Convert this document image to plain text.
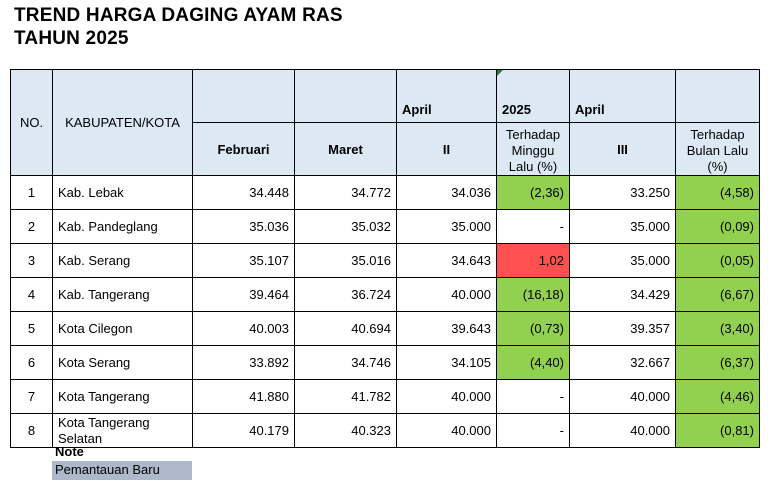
TREND HARGA DAGING AYAM RAS
TAHUN 2025
NO.	KABUPATEN/KOTA			April	2025	April	
		Februari	Maret	II	Terhadap Minggu Lalu (%)	III	Terhadap Bulan Lalu (%)
1	Kab. Lebak	34.448	34.772	34.036	(2,36)	33.250	(4,58)
2	Kab. Pandeglang	35.036	35.032	35.000	-	35.000	(0,09)
3	Kab. Serang	35.107	35.016	34.643	1,02	35.000	(0,05)
4	Kab. Tangerang	39.464	36.724	40.000	(16,18)	34.429	(6,67)
5	Kota Cilegon	40.003	40.694	39.643	(0,73)	39.357	(3,40)
6	Kota Serang	33.892	34.746	34.105	(4,40)	32.667	(6,37)
7	Kota Tangerang	41.880	41.782	40.000	-	40.000	(4,46)
8	Kota Tangerang Selatan	40.179	40.323	40.000	-	40.000	(0,81)
Note
Pemantauan Baru
